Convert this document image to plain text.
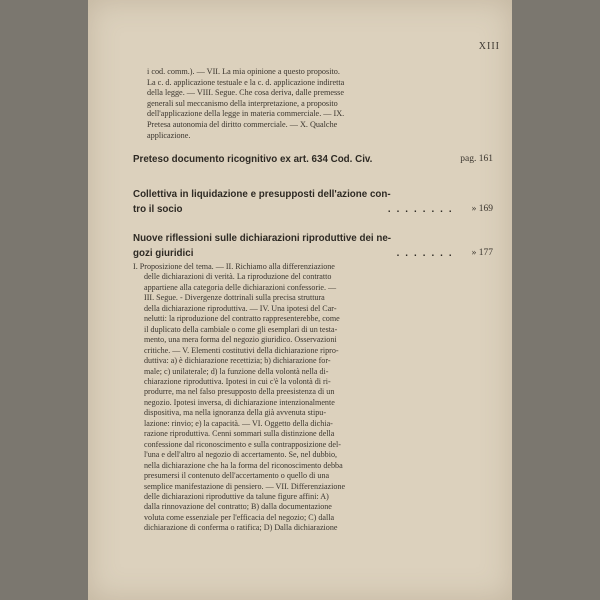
XIII
i cod. comm.). — VII. La mia opinione a questo proposito.
La c. d. applicazione testuale e la c. d. applicazione indiretta
della legge. — VIII. Segue. Che cosa deriva, dalle premesse
generali sul meccanismo della interpretazione, a proposito
dell'applicazione della legge in materia commerciale. — IX.
Pretesa autonomia del diritto commerciale. — X. Qualche
applicazione.
Preteso documento ricognitivo ex art. 634 Cod. Civ.	pag. 161
Collettiva in liquidazione e presupposti dell'azione con-
tro il socio	........	» 169
Nuove riflessioni sulle dichiarazioni riproduttive dei ne-
gozi giuridici	.......	» 177
I. Proposizione del tema. — II. Richiamo alla differenziazione
delle dichiarazioni di verità. La riproduzione del contratto
appartiene alla categoria delle dichiarazioni confessorie. —
III. Segue. - Divergenze dottrinali sulla precisa struttura
della dichiarazione riproduttiva. — IV. Una ipotesi del Car-
nelutti: la riproduzione del contratto rappresenterebbe, come
il duplicato della cambiale o come gli esemplari di un testa-
mento, una mera forma del negozio giuridico. Osservazioni
critiche. — V. Elementi costitutivi della dichiarazione ripro-
duttiva: a) è dichiarazione recettizia; b) dichiarazione for-
male; c) unilaterale; d) la funzione della volontà nella di-
chiarazione riproduttiva. Ipotesi in cui c'è la volontà di ri-
produrre, ma nel falso presupposto della preesistenza di un
negozio. Ipotesi inversa, di dichiarazione intenzionalmente
dispositiva, ma nella ignoranza della già avvenuta stipu-
lazione: rinvio; e) la capacità. — VI. Oggetto della dichia-
razione riproduttiva. Cenni sommari sulla distinzione della
confessione dal riconoscimento e sulla contrapposizione del-
l'una e dell'altro al negozio di accertamento. Se, nel dubbio,
nella dichiarazione che ha la forma del riconoscimento debba
presumersi il contenuto dell'accertamento o quello di una
semplice manifestazione di pensiero. — VII. Differenziazione
delle dichiarazioni riproduttive da talune figure affini: A)
dalla rinnovazione del contratto; B) dalla documentazione
voluta come essenziale per l'efficacia del negozio; C) dalla
dichiarazione di conferma o ratifica; D) Dalla dichiarazione
